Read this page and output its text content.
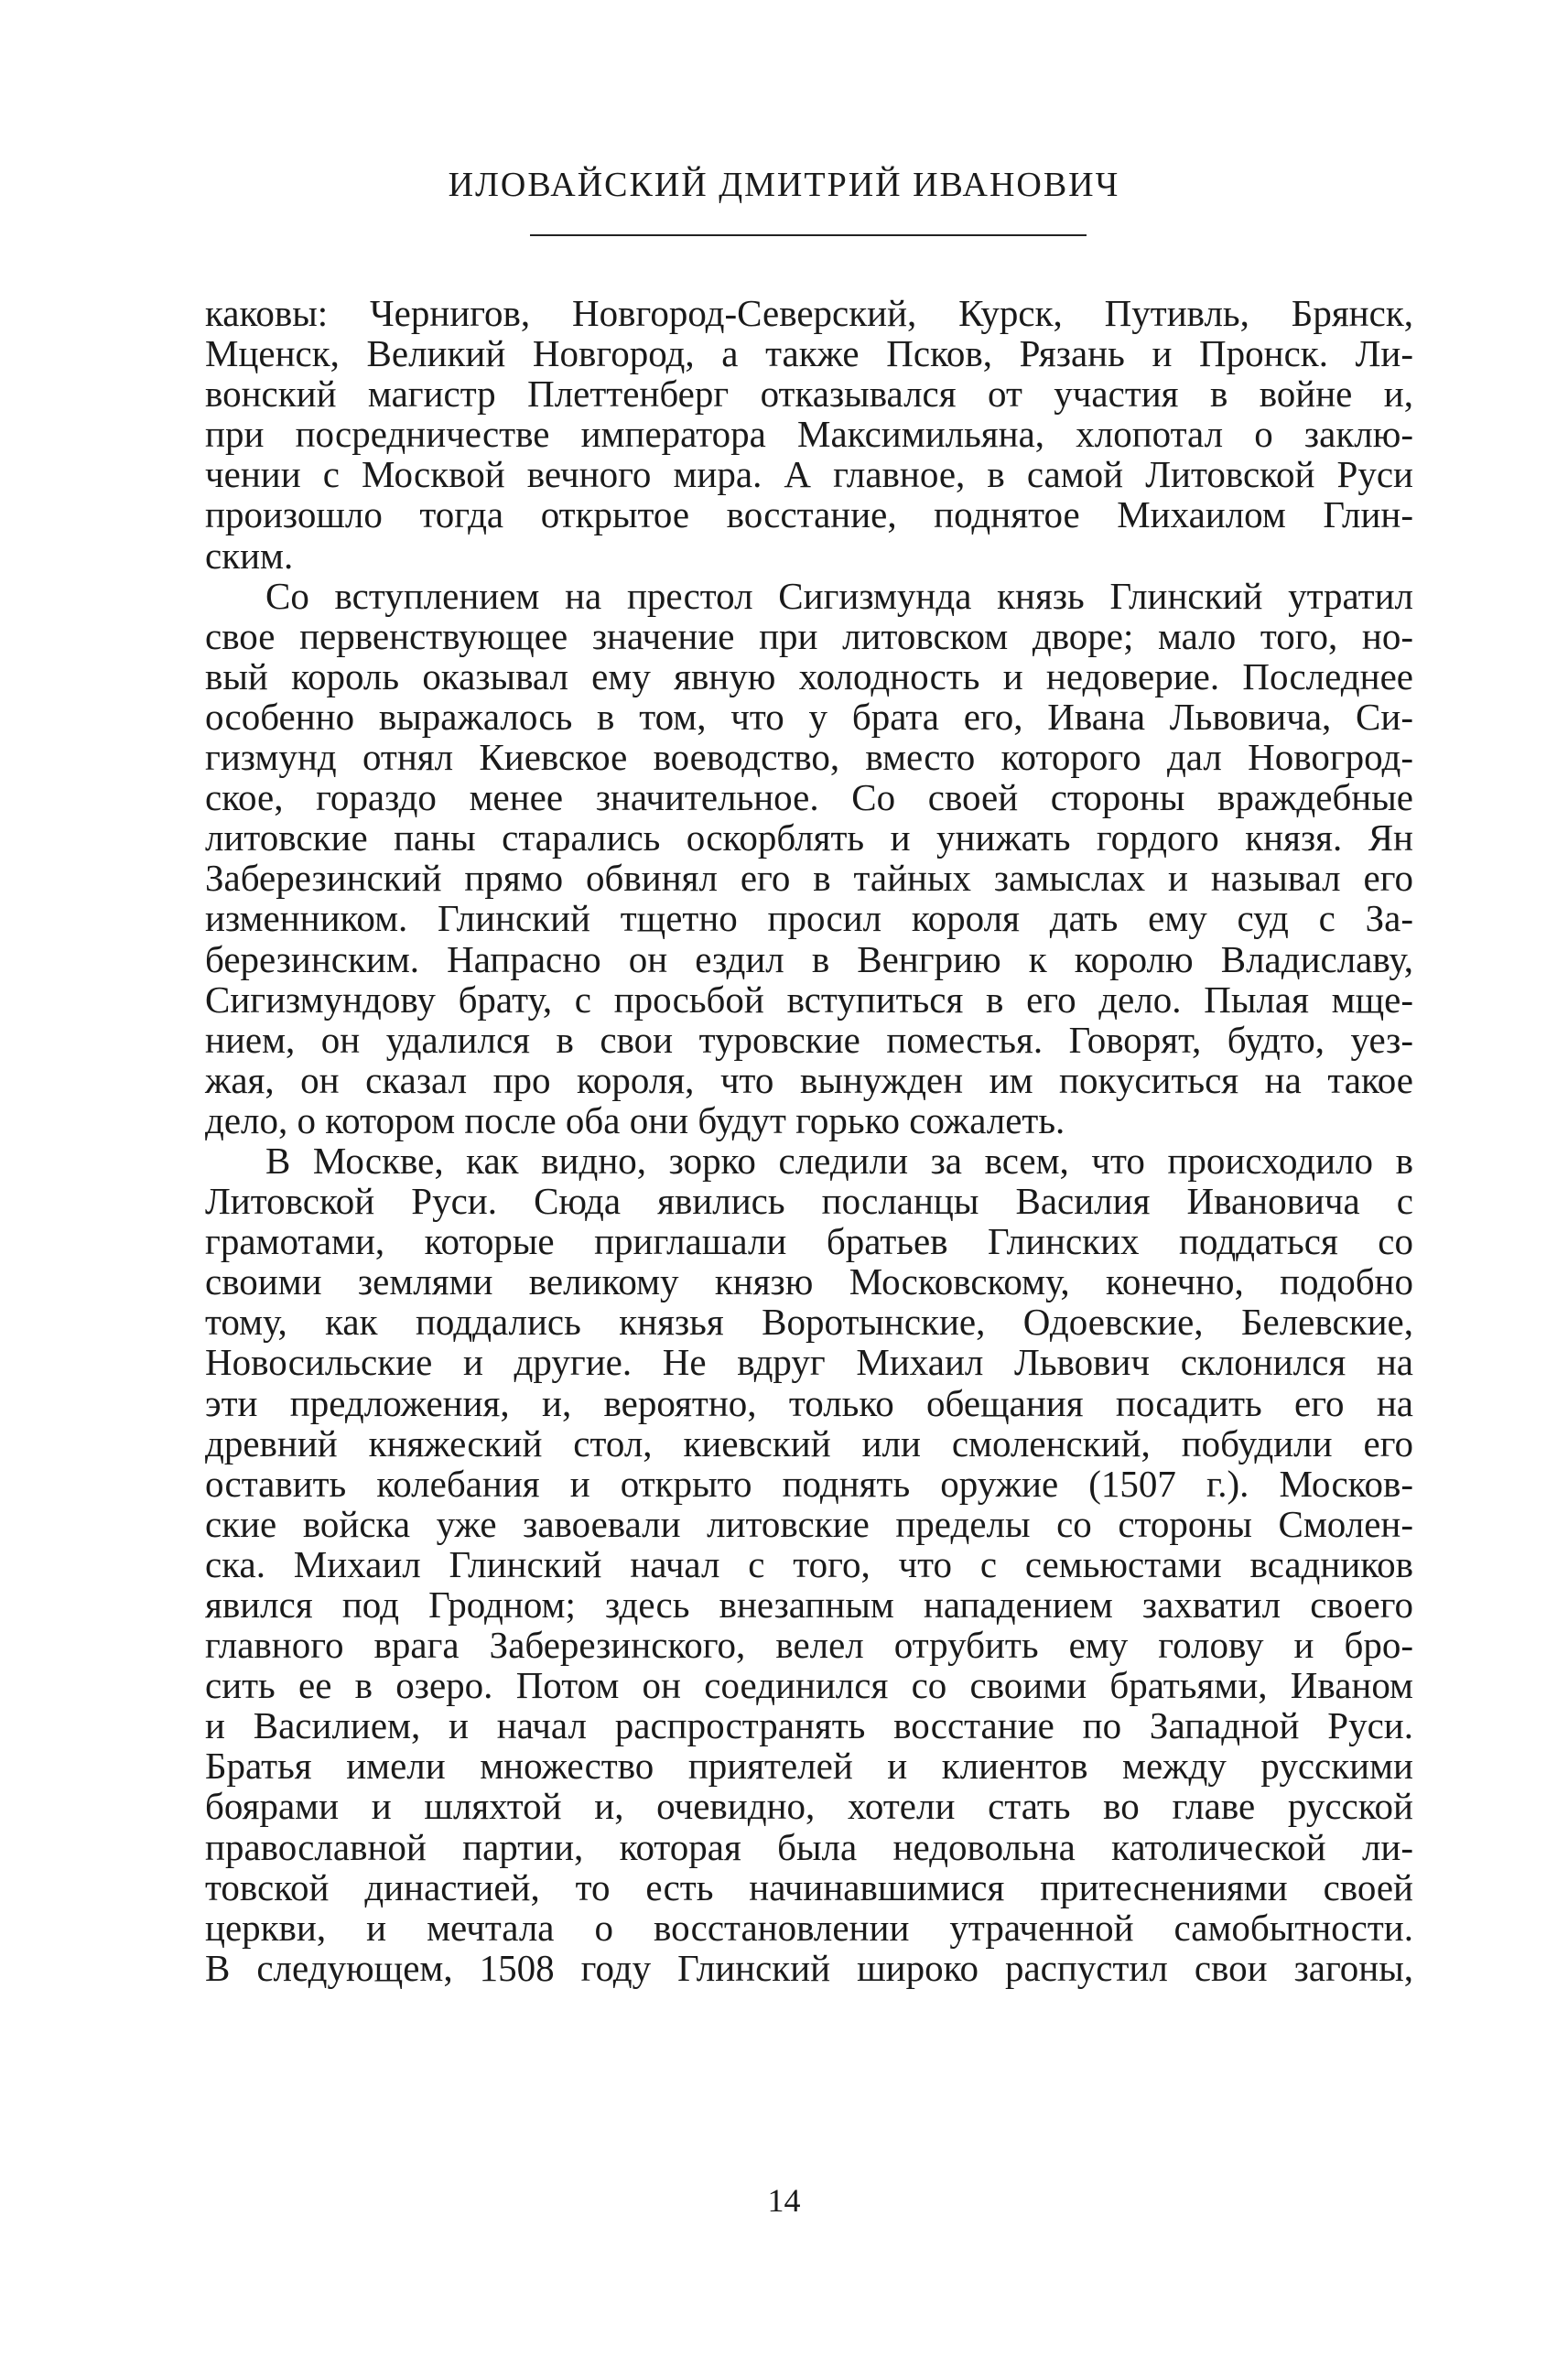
ИЛОВАЙСКИЙ ДМИТРИЙ ИВАНОВИЧ
каковы: Чернигов, Новгород-Северский, Курск, Путивль, Брянск,
Мценск, Великий Новгород, а также Псков, Рязань и Пронск. Ли-
вонский магистр Плеттенберг отказывался от участия в войне и,
при посредничестве императора Максимильяна, хлопотал о заклю-
чении с Москвой вечного мира. А главное, в самой Литовской Руси
произошло тогда открытое восстание, поднятое Михаилом Глин-
ским.
Со вступлением на престол Сигизмунда князь Глинский утратил
свое первенствующее значение при литовском дворе; мало того, но-
вый король оказывал ему явную холодность и недоверие. Последнее
особенно выражалось в том, что у брата его, Ивана Львовича, Си-
гизмунд отнял Киевское воеводство, вместо которого дал Новогрод-
ское, гораздо менее значительное. Со своей стороны враждебные
литовские паны старались оскорблять и унижать гордого князя. Ян
Заберезинский прямо обвинял его в тайных замыслах и называл его
изменником. Глинский тщетно просил короля дать ему суд с За-
березинским. Напрасно он ездил в Венгрию к королю Владиславу,
Сигизмундову брату, с просьбой вступиться в его дело. Пылая мще-
нием, он удалился в свои туровские поместья. Говорят, будто, уез-
жая, он сказал про короля, что вынужден им покуситься на такое
дело, о котором после оба они будут горько сожалеть.
В Москве, как видно, зорко следили за всем, что происходило в
Литовской Руси. Сюда явились посланцы Василия Ивановича с
грамотами, которые приглашали братьев Глинских поддаться со
своими землями великому князю Московскому, конечно, подобно
тому, как поддались князья Воротынские, Одоевские, Белевские,
Новосильские и другие. Не вдруг Михаил Львович склонился на
эти предложения, и, вероятно, только обещания посадить его на
древний княжеский стол, киевский или смоленский, побудили его
оставить колебания и открыто поднять оружие (1507 г.). Москов-
ские войска уже завоевали литовские пределы со стороны Смолен-
ска. Михаил Глинский начал с того, что с семьюстами всадников
явился под Гродном; здесь внезапным нападением захватил своего
главного врага Заберезинского, велел отрубить ему голову и бро-
сить ее в озеро. Потом он соединился со своими братьями, Иваном
и Василием, и начал распространять восстание по Западной Руси.
Братья имели множество приятелей и клиентов между русскими
боярами и шляхтой и, очевидно, хотели стать во главе русской
православной партии, которая была недовольна католической ли-
товской династией, то есть начинавшимися притеснениями своей
церкви, и мечтала о восстановлении утраченной самобытности.
В следующем, 1508 году Глинский широко распустил свои загоны,
14
